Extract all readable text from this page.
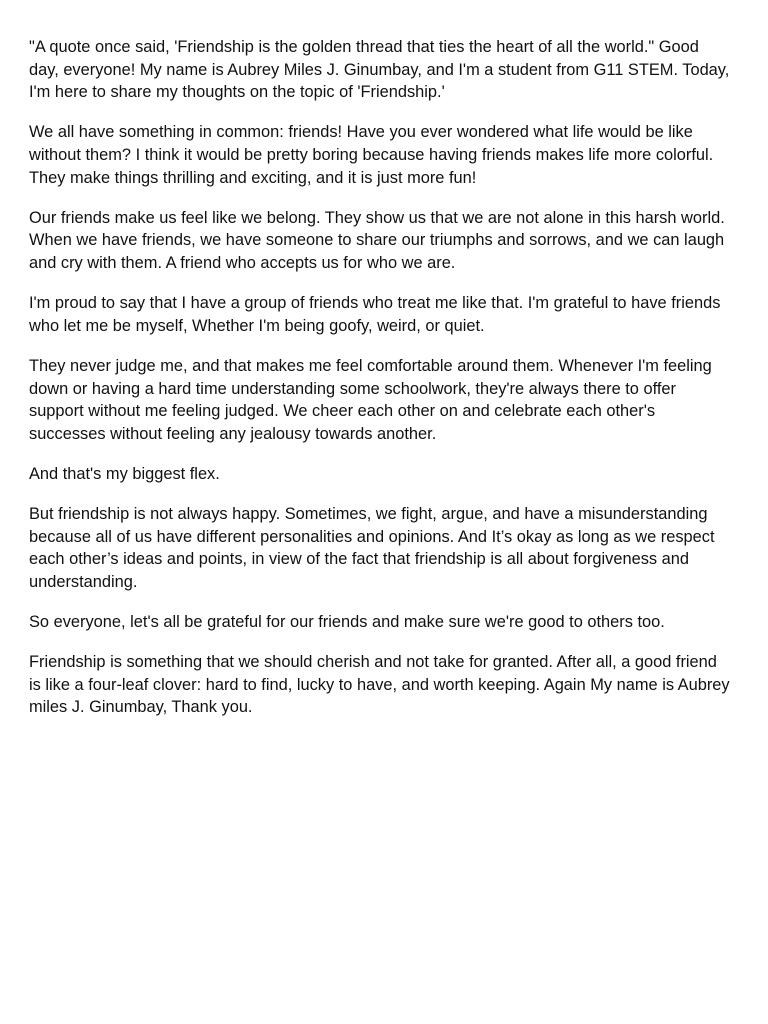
"A quote once said, 'Friendship is the golden thread that ties the heart of all the world." Good day, everyone! My name is Aubrey Miles J. Ginumbay, and I'm a student from G11 STEM. Today, I'm here to share my thoughts on the topic of 'Friendship.'

We all have something in common: friends! Have you ever wondered what life would be like without them? I think it would be pretty boring because having friends makes life more colorful. They make things thrilling and exciting, and it is just more fun!

Our friends make us feel like we belong. They show us that we are not alone in this harsh world. When we have friends, we have someone to share our triumphs and sorrows, and we can laugh and cry with them. A friend who accepts us for who we are.

I'm proud to say that I have a group of friends who treat me like that. I'm grateful to have friends who let me be myself, Whether I'm being goofy, weird, or quiet.

They never judge me, and that makes me feel comfortable around them. Whenever I'm feeling down or having a hard time understanding some schoolwork, they're always there to offer support without me feeling judged. We cheer each other on and celebrate each other's successes without feeling any jealousy towards another.

And that's my biggest flex.

But friendship is not always happy. Sometimes, we fight, argue, and have a misunderstanding because all of us have different personalities and opinions. And It’s okay as long as we respect each other’s ideas and points, in view of the fact that friendship is all about forgiveness and understanding.

So everyone, let's all be grateful for our friends and make sure we're good to others too.

Friendship is something that we should cherish and not take for granted. After all, a good friend is like a four-leaf clover: hard to find, lucky to have, and worth keeping. Again My name is Aubrey miles J. Ginumbay, Thank you.
